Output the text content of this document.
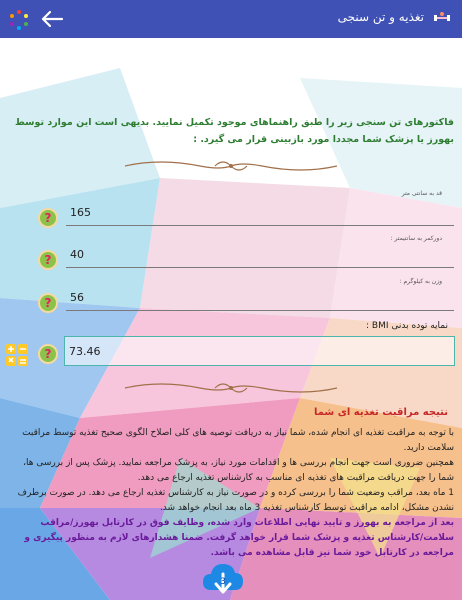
تغذیه و تن سنجی
فاکتورهای تن سنجی زیر را طبق راهنماهای موجود تکمیل نمایید. بدیهی است این موارد توسط بهورز یا پزشک شما مجددا مورد بازبینی قرار می گیرد. :
قد به سانتی متر
?	165
دورکمر به سانتیمتر :
?	40
وزن به کیلوگرم :
?	56
نمایه توده بدنی BMI :
?	73.46
نتیجه مراقبت تغذیه ای شما

با توجه به مراقبت تغذیه ای انجام شده، شما نیاز به دریافت توصیه های کلی اصلاح الگوی صحیح تغذیه توسط مراقبت سلامت دارید.

همچنین ضروری است جهت انجام بررسی ها و اقدامات مورد نیاز، به پزشک مراجعه نمایید. پزشک پس از بررسی ها، شما را جهت دریافت مراقبت های تغذیه ای مناسب به کارشناس تغذیه ارجاع می دهد.

1 ماه بعد، مراقب وضعیت شما را بررسی کرده و در صورت نیاز به کارشناس تغذیه ارجاع می دهد. در صورت برطرف نشدن مشکل، ادامه مراقبت توسط کارشناس تغذیه 3 ماه بعد انجام خواهد شد.

بعد از مراجعه به بهورز و تایید نهایی اطلاعات وارد شده، وظایف فوق در کارتابل بهورز/مراقب سلامت/کارشناس تغذیه و پزشک شما قرار خواهد گرفت. ضمنا هشدارهای لازم به منظور پیگیری و مراجعه در کارتابل خود شما نیز قابل مشاهده می باشد.

3
